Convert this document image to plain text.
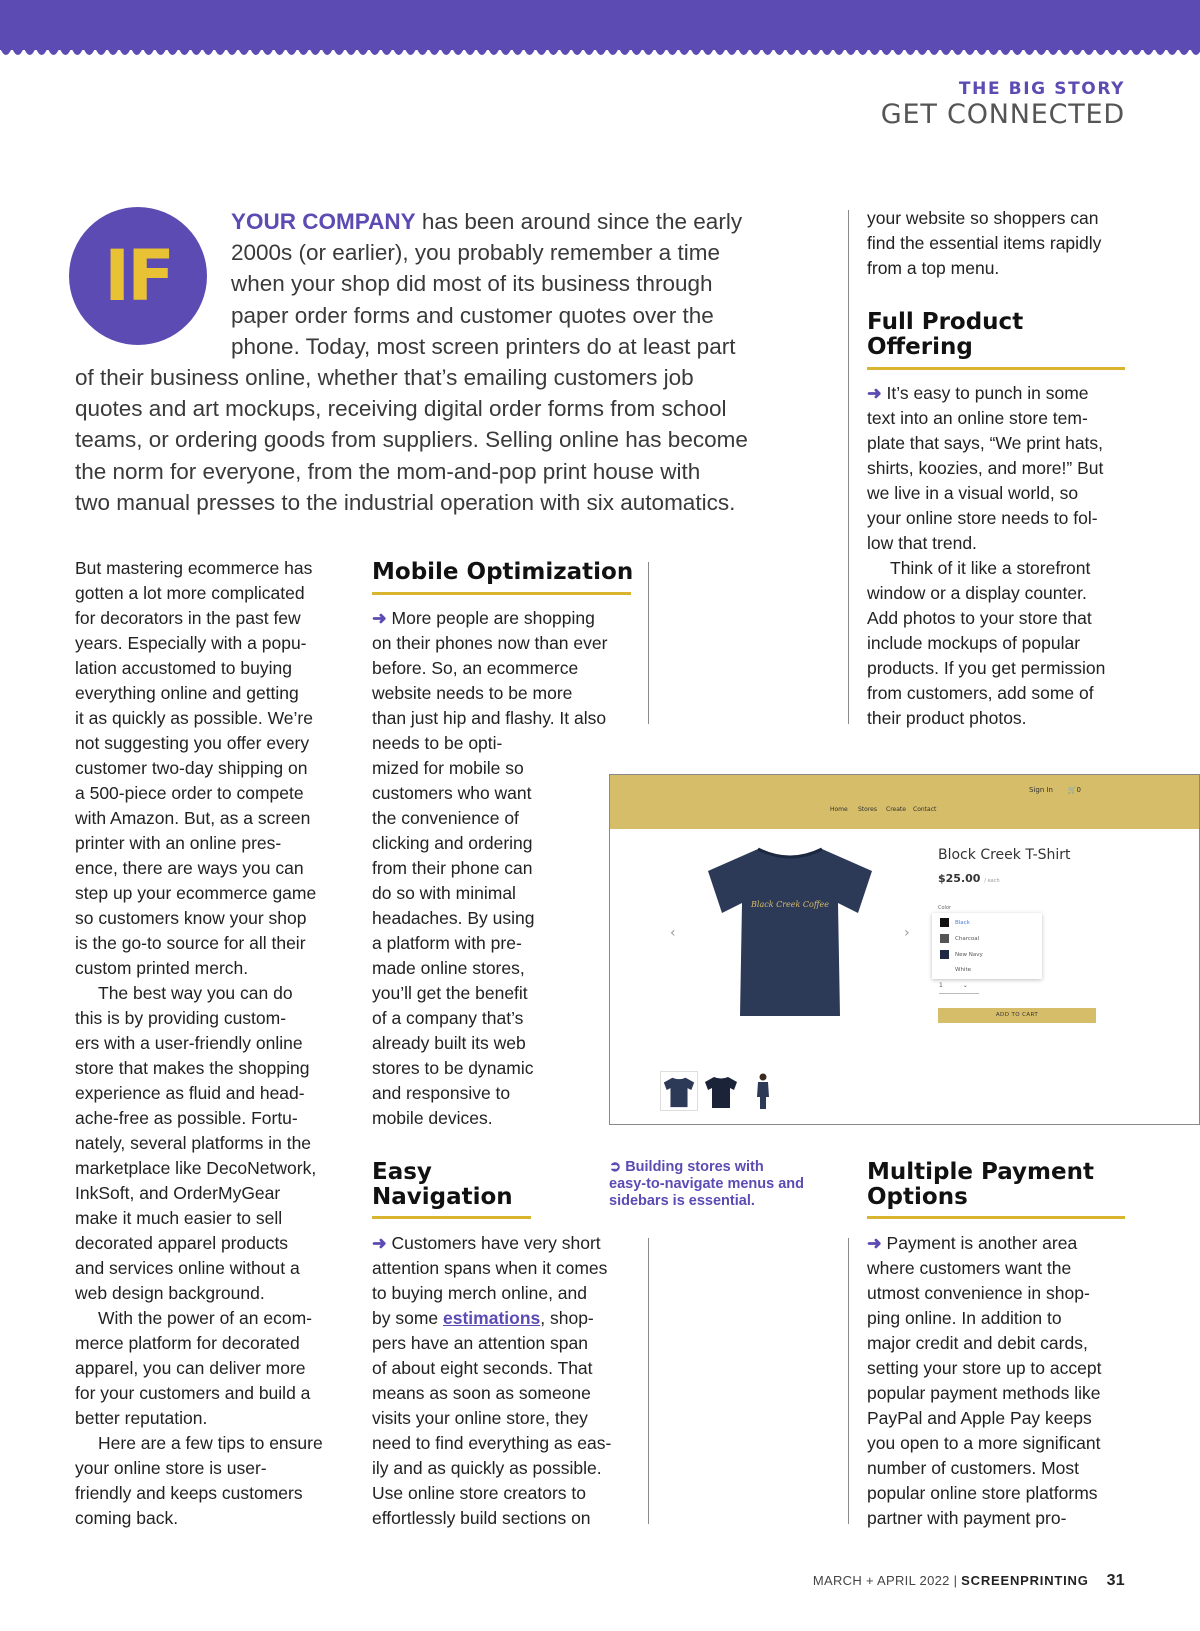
THE BIG STORY
GET CONNECTED
IF
YOUR COMPANY has been around since the early
2000s (or earlier), you probably remember a time
when your shop did most of its business through
paper order forms and customer quotes over the
phone. Today, most screen printers do at least part
of their business online, whether that’s emailing customers job
quotes and art mockups, receiving digital order forms from school
teams, or ordering goods from suppliers. Selling online has become
the norm for everyone, from the mom-and-pop print house with
two manual presses to the industrial operation with six automatics.

But mastering ecommerce has

gotten a lot more complicated

for decorators in the past few

years. Especially with a popu-

lation accustomed to buying

everything online and getting

it as quickly as possible. We’re

not suggesting you offer every

customer two-day shipping on

a 500-piece order to compete

with Amazon. But, as a screen

printer with an online pres-

ence, there are ways you can

step up your ecommerce game

so customers know your shop

is the go-to source for all their

custom printed merch.

The best way you can do

this is by providing custom-

ers with a user-friendly online

store that makes the shopping

experience as fluid and head-

ache-free as possible. Fortu-

nately, several platforms in the

marketplace like DecoNetwork,

InkSoft, and OrderMyGear

make it much easier to sell

decorated apparel products

and services online without a

web design background.

With the power of an ecom-

merce platform for decorated

apparel, you can deliver more

for your customers and build a

better reputation.

Here are a few tips to ensure

your online store is user-

friendly and keeps customers

coming back.

Mobile Optimization

➜ More people are shopping

on their phones now than ever

before. So, an ecommerce

website needs to be more

than just hip and flashy. It also

needs to be opti-

mized for mobile so

customers who want

the convenience of

clicking and ordering

from their phone can

do so with minimal

headaches. By using

a platform with pre-

made online stores,

you’ll get the benefit

of a company that’s

already built its web

stores to be dynamic

and responsive to

mobile devices.

Easy
Navigation

➜ Customers have very short

attention spans when it comes

to buying merch online, and

by some estimations, shop-

pers have an attention span

of about eight seconds. That

means as soon as someone

visits your online store, they

need to find everything as eas-

ily and as quickly as possible.

Use online store creators to

effortlessly build sections on

your website so shoppers can

find the essential items rapidly

from a top menu.

Full Product
Offering

➜ It’s easy to punch in some

text into an online store tem-

plate that says, “We print hats,

shirts, koozies, and more!” But

we live in a visual world, so

your online store needs to fol-

low that trend.

Think of it like a storefront

window or a display counter.

Add photos to your store that

include mockups of popular

products. If you get permission

from customers, add some of

their product photos.

Multiple Payment
Options

➜ Payment is another area

where customers want the

utmost convenience in shop-

ping online. In addition to

major credit and debit cards,

setting your store up to accept

popular payment methods like

PayPal and Apple Pay keeps

you open to a more significant

number of customers. Most

popular online store platforms

partner with payment pro-

Sign In 🛒0
Home Stores Create Contact
Black Creek Coffee
‹	›
Block Creek T-Shirt
$25.00 / each
Color
Black
Charcoal
New Navy
White
1	⌄
ADD TO CART
➲ Building stores with
easy-to-navigate menus and
sidebars is essential.
MARCH + APRIL 2022 | SCREENPRINTING 31
